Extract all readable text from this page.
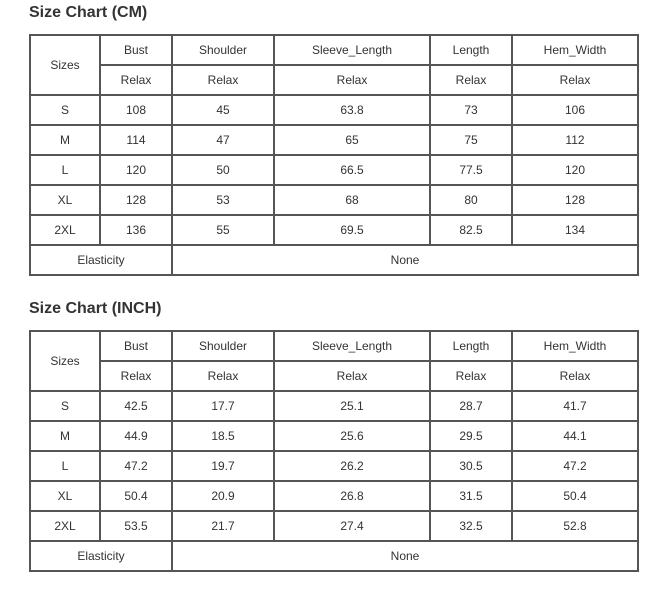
Size Chart (CM)
Sizes	Bust	Shoulder	Sleeve_Length	Length	Hem_Width
	Relax	Relax	Relax	Relax	Relax
S	108	45	63.8	73	106
M	114	47	65	75	112
L	120	50	66.5	77.5	120
XL	128	53	68	80	128
2XL	136	55	69.5	82.5	134
Elasticity		None			
Size Chart (INCH)
Sizes	Bust	Shoulder	Sleeve_Length	Length	Hem_Width
	Relax	Relax	Relax	Relax	Relax
S	42.5	17.7	25.1	28.7	41.7
M	44.9	18.5	25.6	29.5	44.1
L	47.2	19.7	26.2	30.5	47.2
XL	50.4	20.9	26.8	31.5	50.4
2XL	53.5	21.7	27.4	32.5	52.8
Elasticity		None			
